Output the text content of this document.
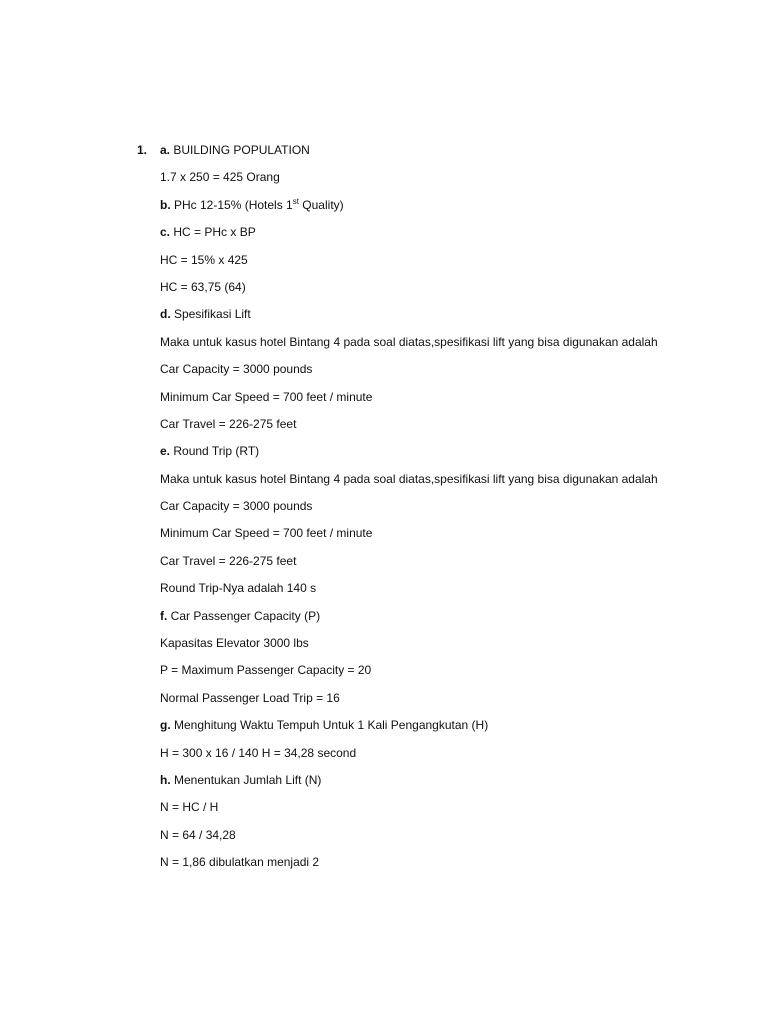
1. a. BUILDING POPULATION
1.7 x 250 = 425 Orang
b. PHc 12-15% (Hotels 1st Quality)
c. HC = PHc x BP
HC = 15% x 425
HC = 63,75 (64)
d. Spesifikasi Lift
Maka untuk kasus hotel Bintang 4 pada soal diatas,spesifikasi lift yang bisa digunakan adalah
Car Capacity = 3000 pounds
Minimum Car Speed = 700 feet / minute
Car Travel = 226-275 feet
e. Round Trip (RT)
Maka untuk kasus hotel Bintang 4 pada soal diatas,spesifikasi lift yang bisa digunakan adalah
Car Capacity = 3000 pounds
Minimum Car Speed = 700 feet / minute
Car Travel = 226-275 feet
Round Trip-Nya adalah 140 s
f. Car Passenger Capacity (P)
Kapasitas Elevator 3000 lbs
P = Maximum Passenger Capacity = 20
Normal Passenger Load Trip = 16
g. Menghitung Waktu Tempuh Untuk 1 Kali Pengangkutan (H)
H = 300 x 16 / 140 H = 34,28 second
h. Menentukan Jumlah Lift (N)
N = HC / H
N = 64 / 34,28
N = 1,86 dibulatkan menjadi 2
